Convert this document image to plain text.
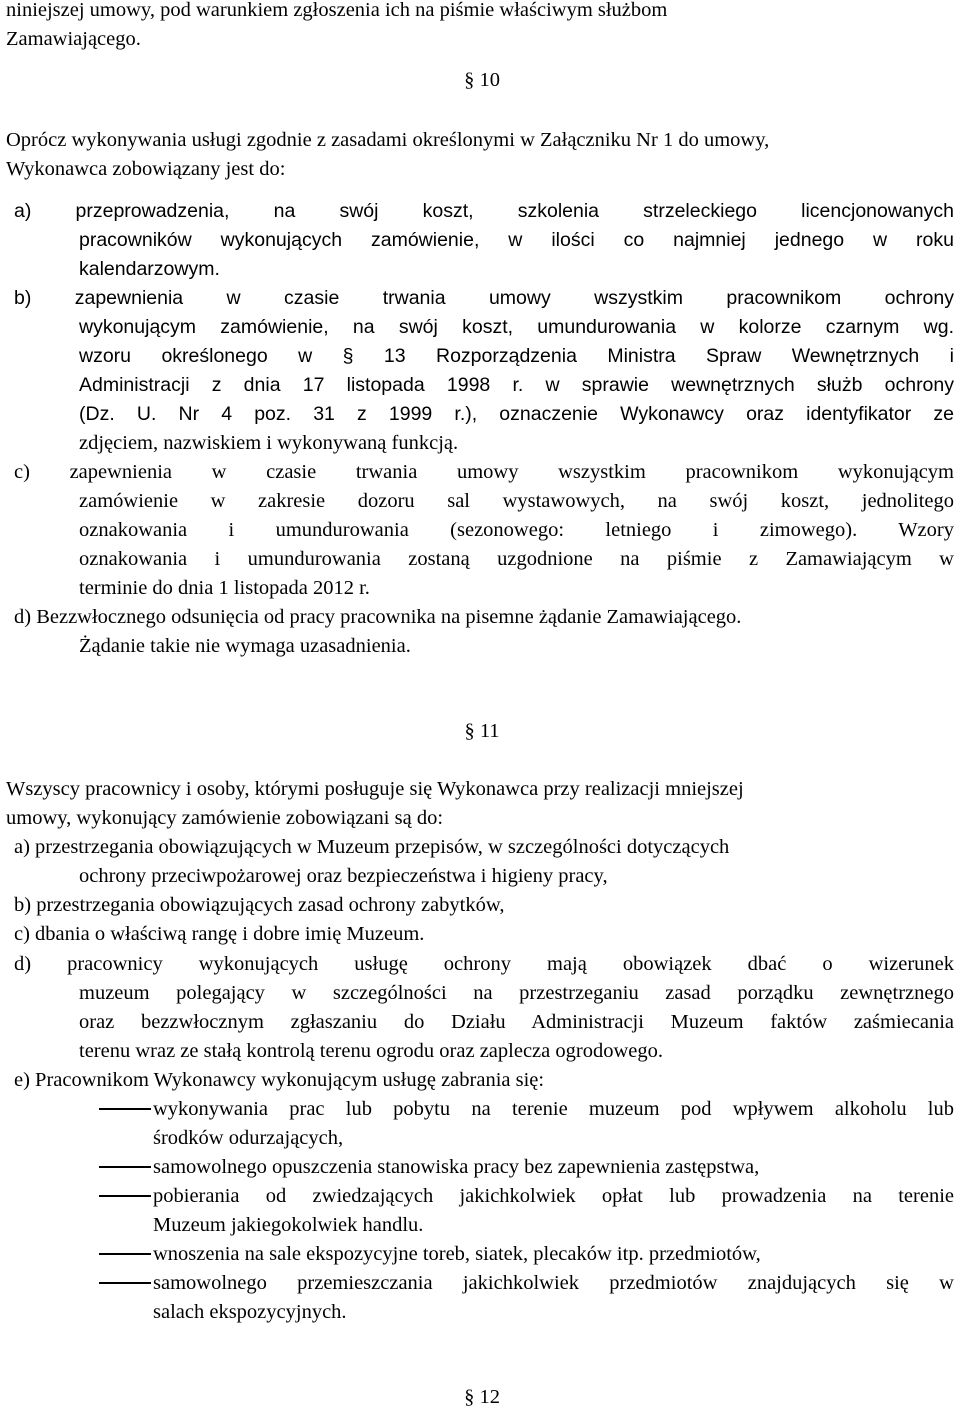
niniejszej umowy, pod warunkiem zgłoszenia ich na piśmie właściwym służbom
Zamawiającego.
§ 10
Oprócz wykonywania usługi zgodnie z zasadami określonymi w Załączniku Nr 1 do umowy,
Wykonawca zobowiązany jest do:
a) przeprowadzenia, na swój koszt, szkolenia strzeleckiego licencjonowanych
pracowników wykonujących zamówienie, w ilości co najmniej jednego w roku
kalendarzowym.
b) zapewnienia w czasie trwania umowy wszystkim pracownikom ochrony
wykonującym zamówienie, na swój koszt, umundurowania w kolorze czarnym wg.
wzoru określonego w § 13 Rozporządzenia Ministra Spraw Wewnętrznych i
Administracji z dnia 17 listopada 1998 r. w sprawie wewnętrznych służb ochrony
(Dz. U. Nr 4 poz. 31 z 1999 r.), oznaczenie Wykonawcy oraz identyfikator ze
zdjęciem, nazwiskiem i wykonywaną funkcją.
c) zapewnienia w czasie trwania umowy wszystkim pracownikom wykonującym
zamówienie w zakresie dozoru sal wystawowych, na swój koszt, jednolitego
oznakowania i umundurowania (sezonowego: letniego i zimowego). Wzory
oznakowania i umundurowania zostaną uzgodnione na piśmie z Zamawiającym w
terminie do dnia 1 listopada 2012 r.
d) Bezzwłocznego odsunięcia od pracy pracownika na pisemne żądanie Zamawiającego.
Żądanie takie nie wymaga uzasadnienia.
§ 11
Wszyscy pracownicy i osoby, którymi posługuje się Wykonawca przy realizacji mniejszej
umowy, wykonujący zamówienie zobowiązani są do:
a) przestrzegania obowiązujących w Muzeum przepisów, w szczególności dotyczących
ochrony przeciwpożarowej oraz bezpieczeństwa i higieny pracy,
b) przestrzegania obowiązujących zasad ochrony zabytków,
c) dbania o właściwą rangę i dobre imię Muzeum.
d) pracownicy wykonujących usługę ochrony mają obowiązek dbać o wizerunek
muzeum polegający w szczególności na przestrzeganiu zasad porządku zewnętrznego
oraz bezzwłocznym zgłaszaniu do Działu Administracji Muzeum faktów zaśmiecania
terenu wraz ze stałą kontrolą terenu ogrodu oraz zaplecza ogrodowego.
e) Pracownikom Wykonawcy wykonującym usługę zabrania się:
wykonywania prac lub pobytu na terenie muzeum pod wpływem alkoholu lub
środków odurzających,
samowolnego opuszczenia stanowiska pracy bez zapewnienia zastępstwa,
pobierania od zwiedzających jakichkolwiek opłat lub prowadzenia na terenie
Muzeum jakiegokolwiek handlu.
wnoszenia na sale ekspozycyjne toreb, siatek, plecaków itp. przedmiotów,
samowolnego przemieszczania jakichkolwiek przedmiotów znajdujących się w
salach ekspozycyjnych.
§ 12
